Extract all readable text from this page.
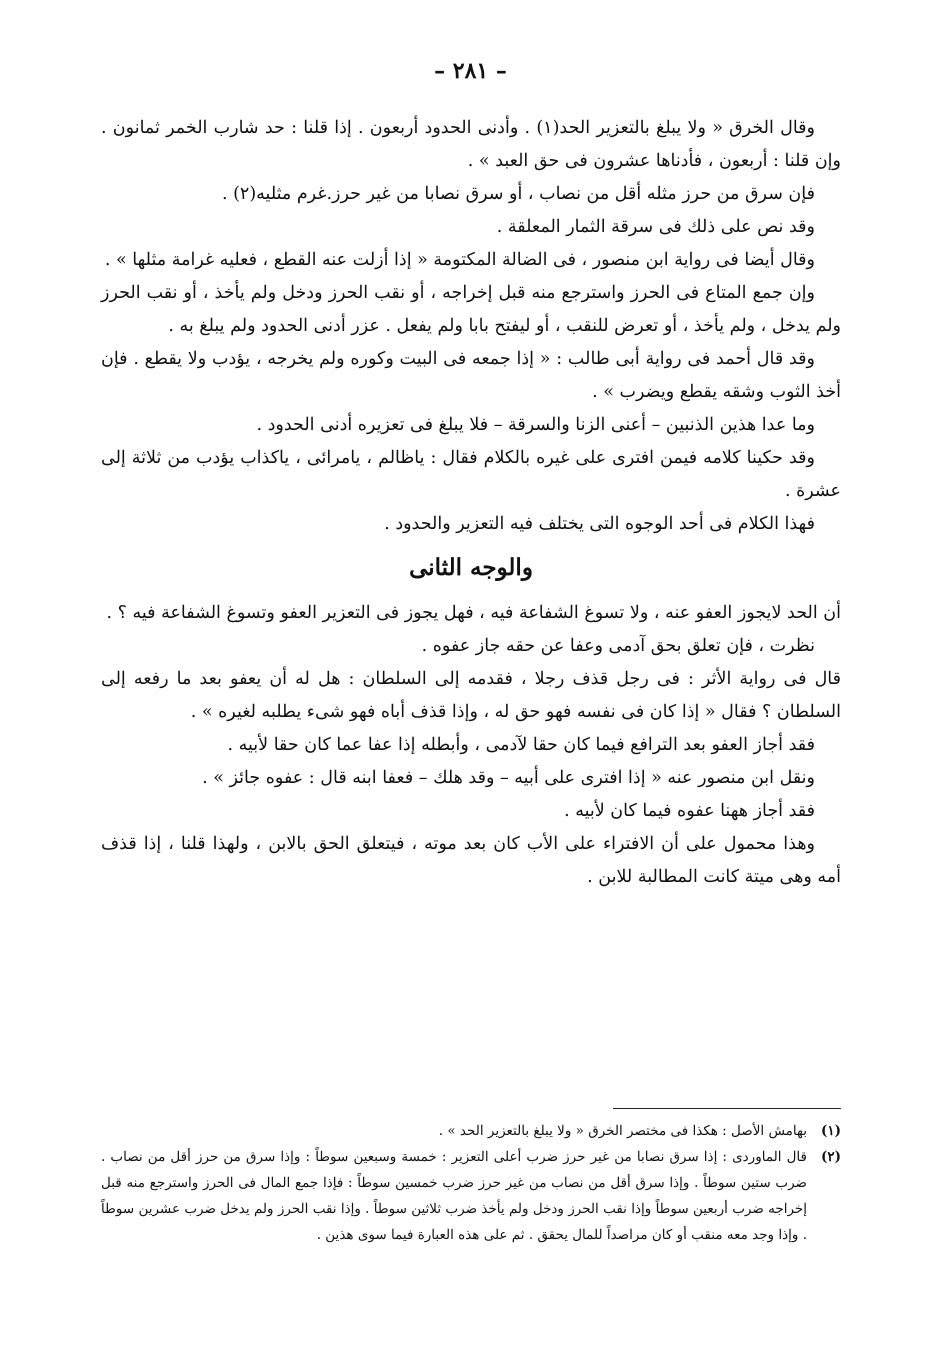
– ٢٨١ –

وقال الخرق « ولا يبلغ بالتعزير الحد(١) . وأدنى الحدود أربعون . إذا قلنا : حد شارب الخمر ثمانون . وإن قلنا : أربعون ، فأدناها عشرون فى حق العبد » .

فإن سرق من حرز مثله أقل من نصاب ، أو سرق نصابا من غير حرز.غرم مثليه(٢) .

وقد نص على ذلك فى سرقة الثمار المعلقة .

وقال أيضا فى رواية ابن منصور ، فى الضالة المكتومة « إذا أزلت عنه القطع ، فعليه غرامة مثلها » .

وإن جمع المتاع فى الحرز واسترجع منه قبل إخراجه ، أو نقب الحرز ودخل ولم يأخذ ، أو نقب الحرز ولم يدخل ، ولم يأخذ ، أو تعرض للنقب ، أو ليفتح بابا ولم يفعل . عزر أدنى الحدود ولم يبلغ به .

وقد قال أحمد فى رواية أبى طالب : « إذا جمعه فى البيت وكوره ولم يخرجه ، يؤدب ولا يقطع . فإن أخذ الثوب وشقه يقطع ويضرب » .

وما عدا هذين الذنبين – أعنى الزنا والسرقة – فلا يبلغ فى تعزيره أدنى الحدود .

وقد حكينا كلامه فيمن افترى على غيره بالكلام فقال : ياظالم ، يامرائى ، ياكذاب يؤدب من ثلاثة إلى عشرة .

فهذا الكلام فى أحد الوجوه التى يختلف فيه التعزير والحدود .

والوجه الثانى

أن الحد لايجوز العفو عنه ، ولا تسوغ الشفاعة فيه ، فهل يجوز فى التعزير العفو وتسوغ الشفاعة فيه ؟ .

نظرت ، فإن تعلق بحق آدمى وعفا عن حقه جاز عفوه .

قال فى رواية الأثر : فى رجل قذف رجلا ، فقدمه إلى السلطان : هل له أن يعفو بعد ما رفعه إلى السلطان ؟ فقال « إذا كان فى نفسه فهو حق له ، وإذا قذف أباه فهو شىء يطلبه لغيره » .

فقد أجاز العفو بعد الترافع فيما كان حقا لآدمى ، وأبطله إذا عفا عما كان حقا لأبيه .

ونقل ابن منصور عنه « إذا افترى على أبيه – وقد هلك – فعفا ابنه قال : عفوه جائز » .

فقد أجاز ههنا عفوه فيما كان لأبيه .

وهذا محمول على أن الافتراء على الأب كان بعد موته ، فيتعلق الحق بالابن ، ولهذا قلنا ، إذا قذف أمه وهى ميتة كانت المطالبة للابن .

(١)
بهامش الأصل : هكذا فى مختصر الخرق « ولا يبلغ بالتعزير الحد » .
(٢)
قال الماوردى : إذا سرق نصابا من غير حرز ضرب أعلى التعزير : خمسة وسبعين سوطاً : وإذا سرق من حرز أقل من نصاب . ضرب ستين سوطاً . وإذا سرق أقل من نصاب من غير حرز ضرب خمسين سوطاً : فإذا جمع المال فى الحرز واسترجع منه قبل إخراجه ضرب أربعين سوطاً وإذا نقب الحرز ودخل ولم يأخذ ضرب ثلاثين سوطاً . وإذا نقب الحرز ولم يدخل ضرب عشرين سوطاً . وإذا وجد معه منقب أو كان مراصداً للمال يحقق . ثم على هذه العبارة فيما سوى هذين .
